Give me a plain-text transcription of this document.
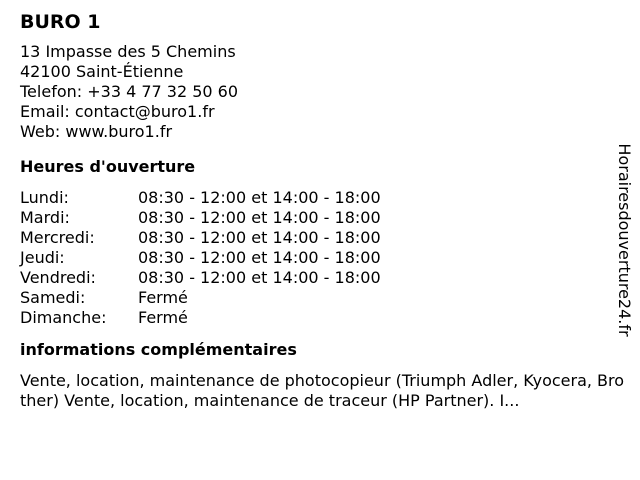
BURO 1
13 Impasse des 5 Chemins
42100 Saint-Étienne
Telefon: +33 4 77 32 50 60
Email: contact@buro1.fr
Web: www.buro1.fr
Heures d'ouverture
Lundi:	08:30 - 12:00 et 14:00 - 18:00
Mardi:	08:30 - 12:00 et 14:00 - 18:00
Mercredi:	08:30 - 12:00 et 14:00 - 18:00
Jeudi:	08:30 - 12:00 et 14:00 - 18:00
Vendredi:	08:30 - 12:00 et 14:00 - 18:00
Samedi:	Fermé
Dimanche:	Fermé
informations complémentaires
Vente, location, maintenance de photocopieur (Triumph Adler, Kyocera, Brother) Vente, location, maintenance de traceur (HP Partner). I...
Horairesdouverture24.fr
